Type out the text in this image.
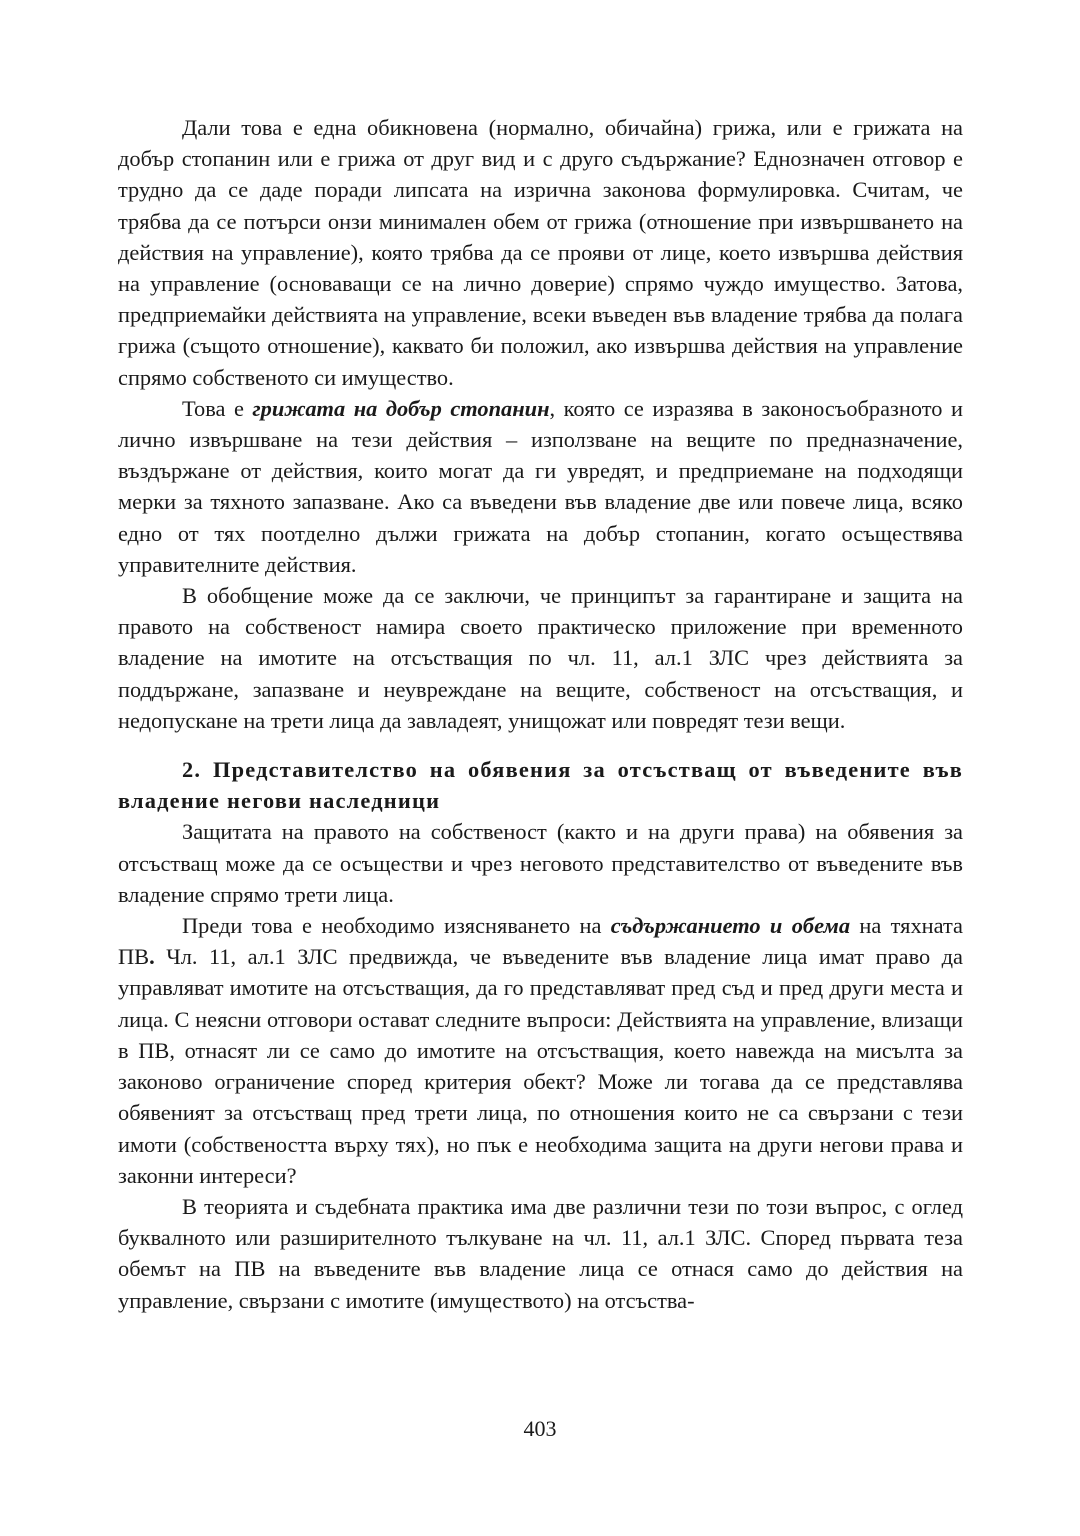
Дали това е една обикновена (нормално, обичайна) грижа, или е грижата на добър стопанин или е грижа от друг вид и с друго съдържание? Еднозначен отговор е трудно да се даде поради липсата на изрична законова формулировка. Считам, че трябва да се потърси онзи минимален обем от грижа (отношение при извършването на действия на управление), която трябва да се прояви от лице, което извършва действия на управление (основаващи се на лично доверие) спрямо чуждо имущество. Затова, предприемайки действията на управление, всеки въведен във владение трябва да полага грижа (същото отношение), каквато би положил, ако извършва действия на управление спрямо собственото си имущество.

Това е грижата на добър стопанин, която се изразява в законосъобразното и лично извършване на тези действия – използване на вещите по предназначение, въздържане от действия, които могат да ги увредят, и предприемане на подходящи мерки за тяхното запазване. Ако са въведени във владение две или повече лица, всяко едно от тях поотделно дължи грижата на добър стопанин, когато осъществява управителните действия.

В обобщение може да се заключи, че принципът за гарантиране и защита на правото на собственост намира своето практическо приложение при временното владение на имотите на отсъстващия по чл. 11, ал.1 ЗЛС чрез действията за поддържане, запазване и неувреждане на вещите, собственост на отсъстващия, и недопускане на трети лица да завладеят, унищожат или повредят тези вещи.

2. Представителство на обявения за отсъстващ от въведените във владение негови наследници

Защитата на правото на собственост (както и на други права) на обявения за отсъстващ може да се осъществи и чрез неговото представителство от въведените във владение спрямо трети лица.

Преди това е необходимо изясняването на съдържанието и обема на тяхната ПВ. Чл. 11, ал.1 ЗЛС предвижда, че въведените във владение лица имат право да управляват имотите на отсъстващия, да го представляват пред съд и пред други места и лица. С неясни отговори остават следните въпроси: Действията на управление, влизащи в ПВ, отнасят ли се само до имотите на отсъстващия, което навежда на мисълта за законово ограничение според критерия обект? Може ли тогава да се представлява обявеният за отсъстващ пред трети лица, по отношения които не са свързани с тези имоти (собствеността върху тях), но пък е необходима защита на други негови права и законни интереси?

В теорията и съдебната практика има две различни тези по този въпрос, с оглед буквалното или разширителното тълкуване на чл. 11, ал.1 ЗЛС. Според първата теза обемът на ПВ на въведените във владение лица се отнася само до действия на управление, свързани с имотите (имуществото) на отсъства-

403
